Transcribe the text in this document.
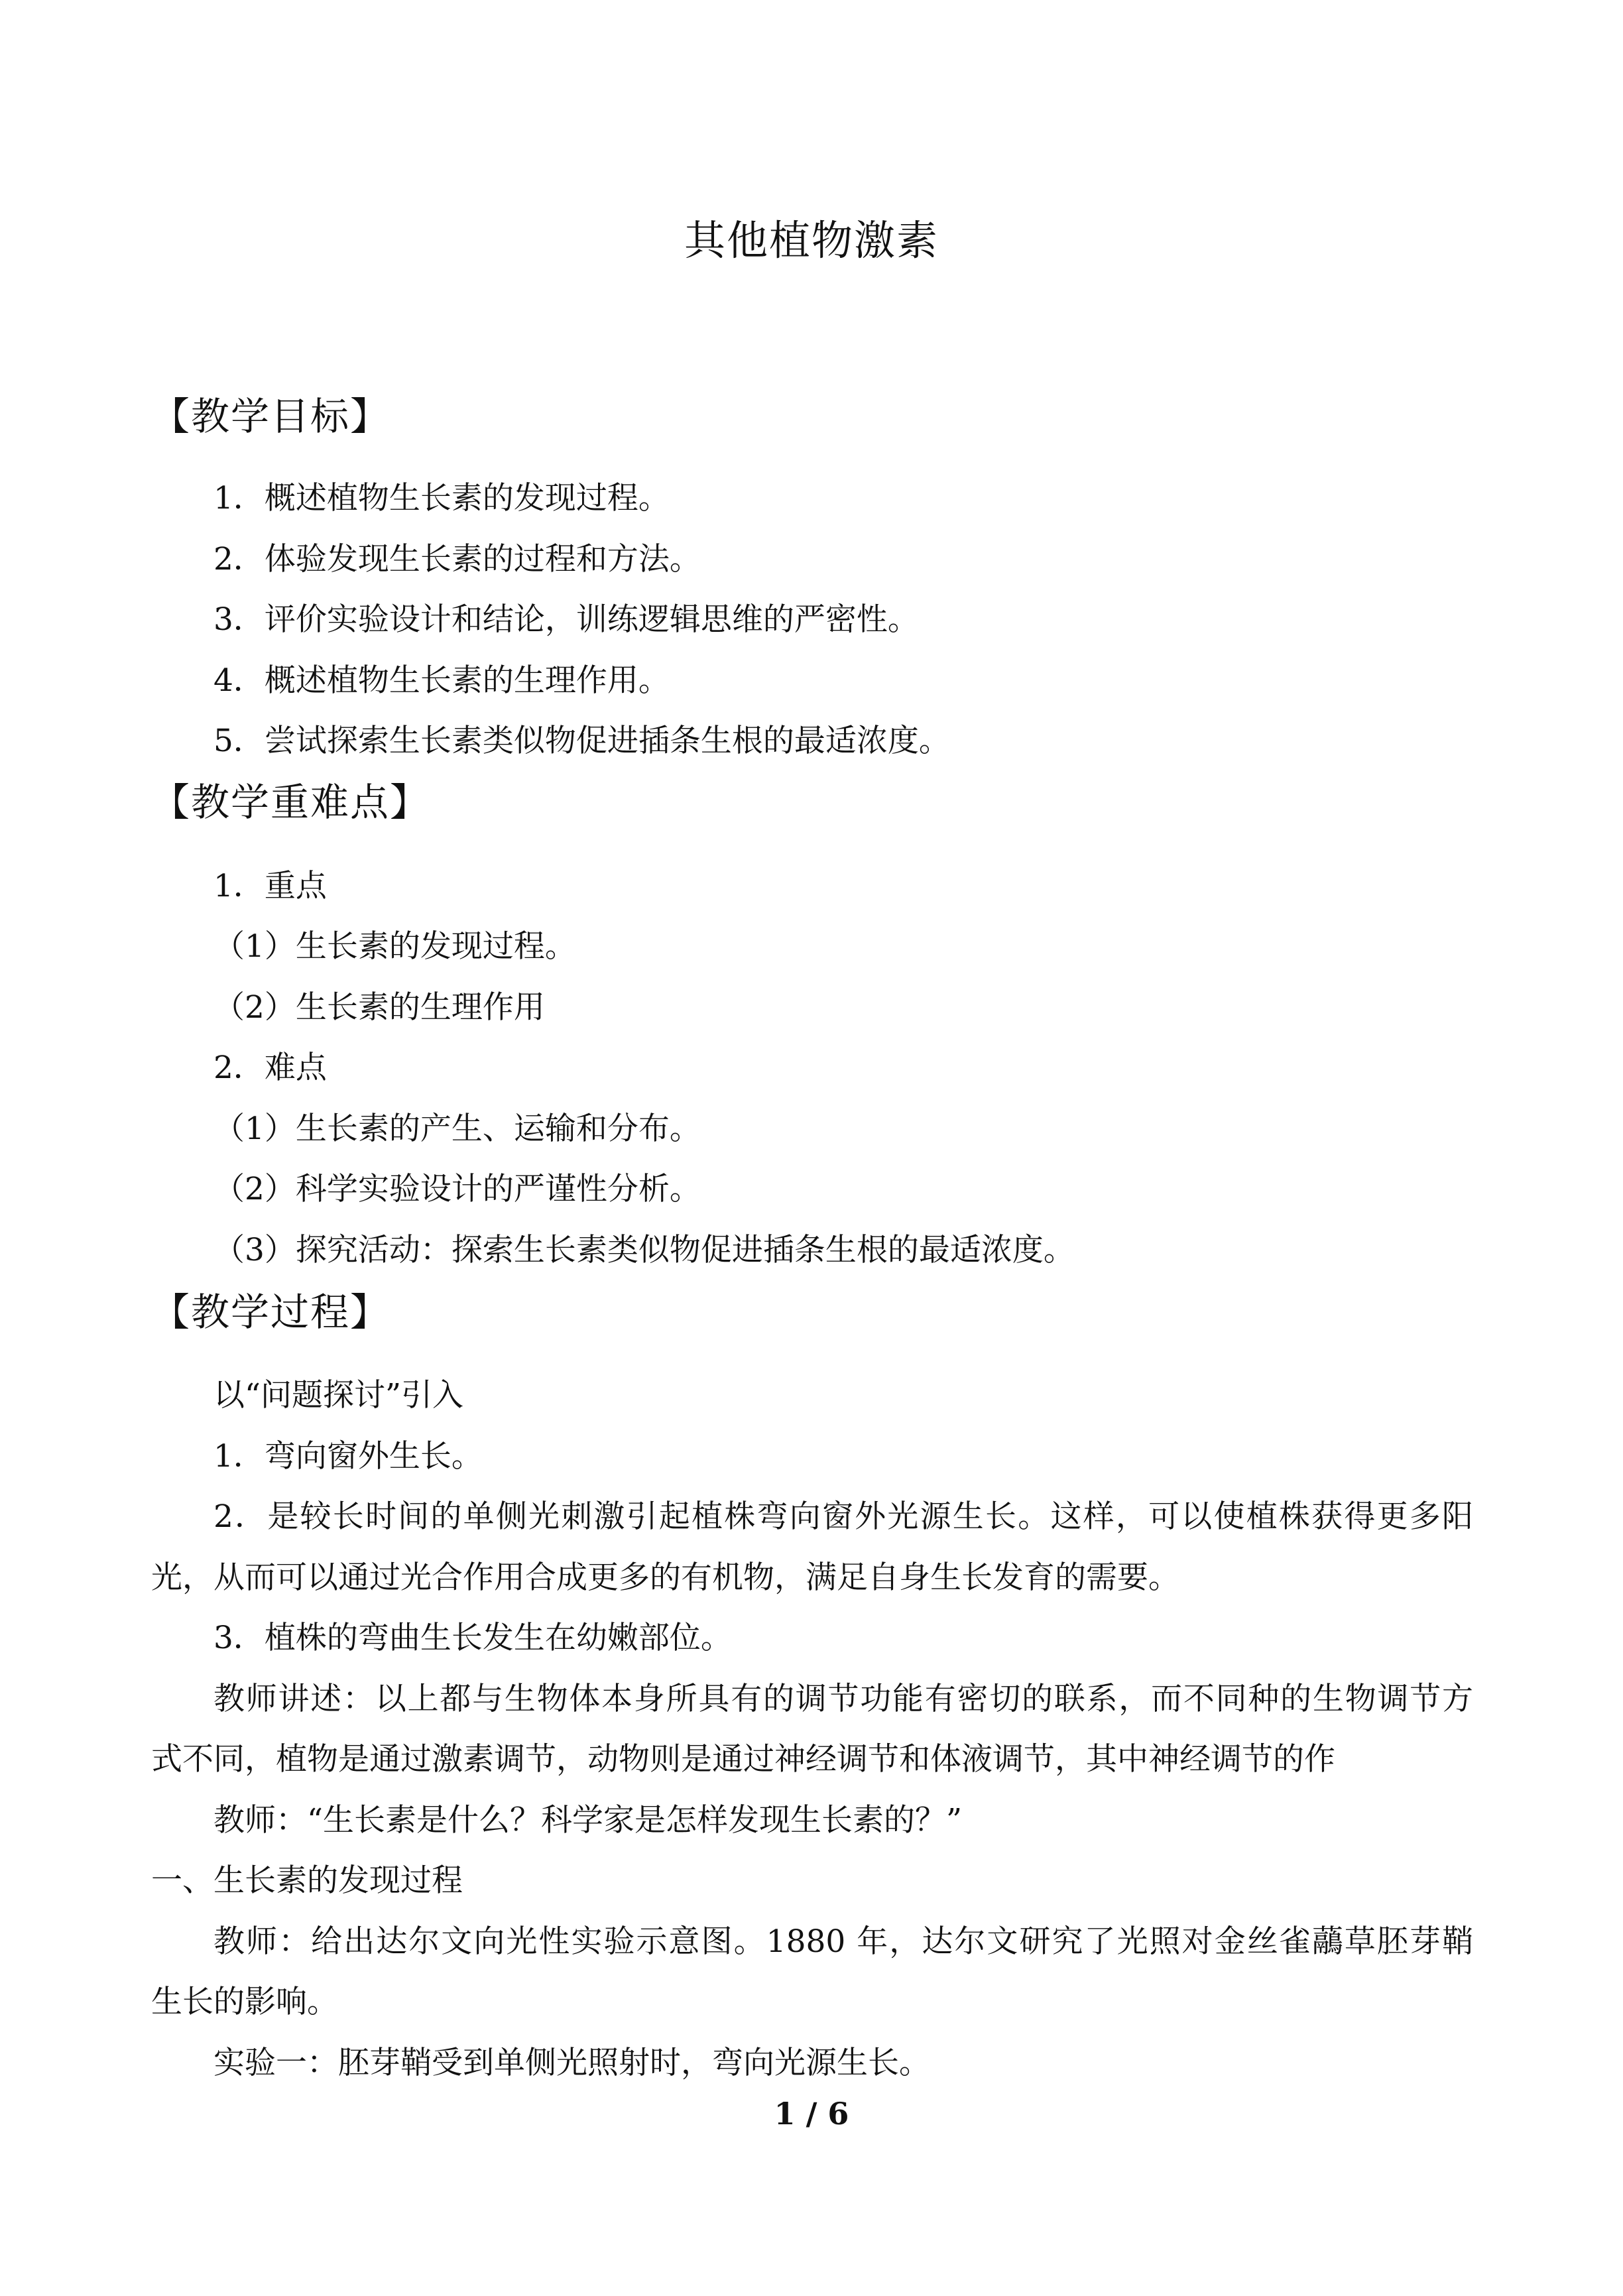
其他植物激素
【教学目标】
1．概述植物生长素的发现过程。
2．体验发现生长素的过程和方法。
3．评价实验设计和结论，训练逻辑思维的严密性。
4．概述植物生长素的生理作用。
5．尝试探索生长素类似物促进插条生根的最适浓度。
【教学重难点】
1．重点
（1）生长素的发现过程。
（2）生长素的生理作用
2．难点
（1）生长素的产生、运输和分布。
（2）科学实验设计的严谨性分析。
（3）探究活动：探索生长素类似物促进插条生根的最适浓度。
【教学过程】
以“问题探讨”引入
1．弯向窗外生长。
2．是较长时间的单侧光刺激引起植株弯向窗外光源生长。这样，可以使植株获得更多阳
光，从而可以通过光合作用合成更多的有机物，满足自身生长发育的需要。
3．植株的弯曲生长发生在幼嫩部位。
教师讲述：以上都与生物体本身所具有的调节功能有密切的联系，而不同种的生物调节方
式不同，植物是通过激素调节，动物则是通过神经调节和体液调节，其中神经调节的作
教师：“生长素是什么？科学家是怎样发现生长素的？”
一、生长素的发现过程
教师：给出达尔文向光性实验示意图。1880 年，达尔文研究了光照对金丝雀虉草胚芽鞘
生长的影响。
实验一：胚芽鞘受到单侧光照射时，弯向光源生长。
1 / 6
